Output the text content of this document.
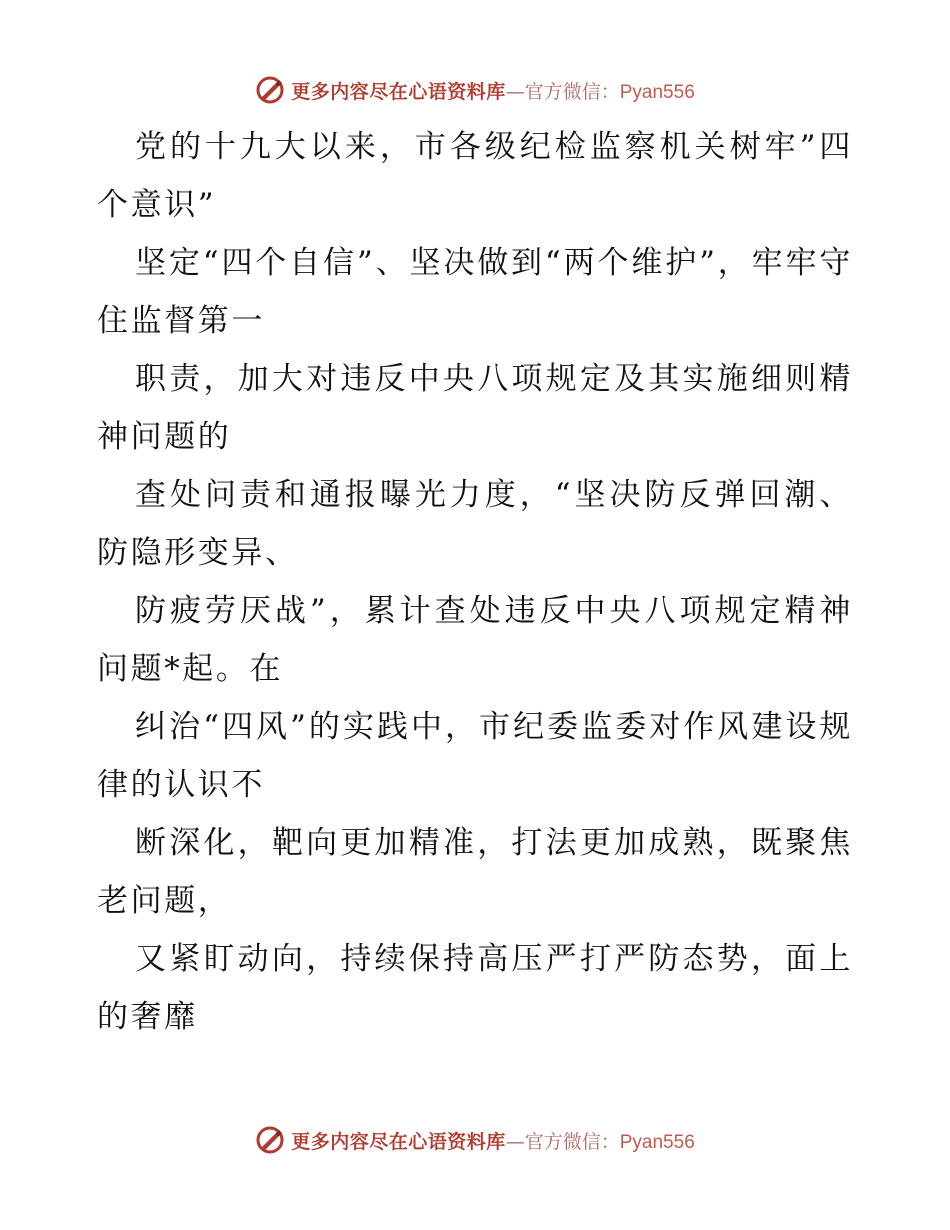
更多内容尽在心语资料库 —官方微信： Pyan556

党的十九大以来，市各级纪检监察机关树牢”四个意识”

坚定“四个自信”、坚决做到“两个维护”，牢牢守住监督第一

职责，加大对违反中央八项规定及其实施细则精神问题的

查处问责和通报曝光力度，“坚决防反弹回潮、防隐形变异、

防疲劳厌战”，累计查处违反中央八项规定精神问题*起。在

纠治“四风”的实践中，市纪委监委对作风建设规律的认识不

断深化，靶向更加精准，打法更加成熟，既聚焦老问题，

又紧盯动向，持续保持高压严打严防态势，面上的奢靡

更多内容尽在心语资料库 —官方微信： Pyan556
